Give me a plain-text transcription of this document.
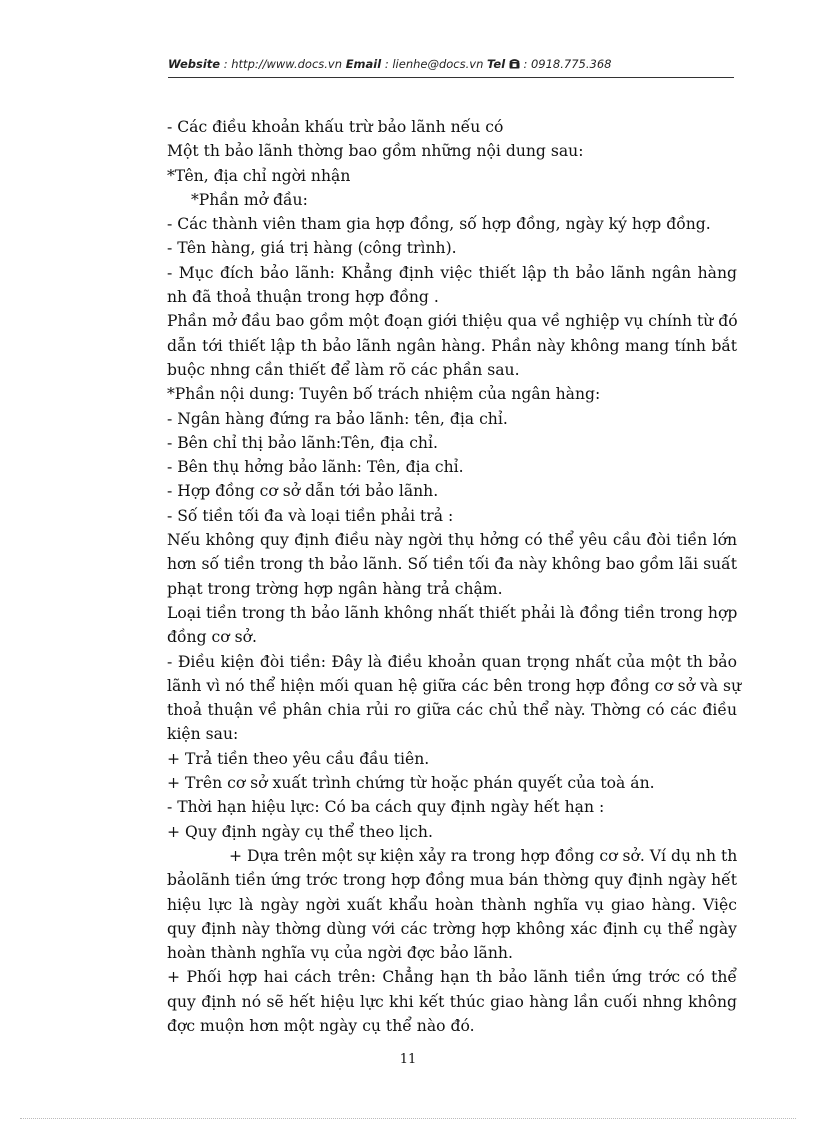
Website : http://www.docs.vn Email : lienhe@docs.vn Tel  : 0918.775.368
- Các điều khoản khấu trừ bảo lãnh nếu có
Một th bảo lãnh thờng bao gồm những nội dung sau:
*Tên, địa chỉ ngời nhận
*Phần mở đầu:
- Các thành viên tham gia hợp đồng, số hợp đồng, ngày ký hợp đồng.
- Tên hàng, giá trị hàng (công trình).
- Mục đích bảo lãnh: Khẳng định việc thiết lập th bảo lãnh ngân hàng
nh đã thoả thuận trong hợp đồng .
Phần mở đầu bao gồm một đoạn giới thiệu qua về nghiệp vụ chính từ đó
dẫn tới thiết lập th bảo lãnh ngân hàng. Phần này không mang tính bắt
buộc nhng cần thiết để làm rõ các phần sau.
*Phần nội dung: Tuyên bố trách nhiệm của ngân hàng:
- Ngân hàng đứng ra bảo lãnh: tên, địa chỉ.
- Bên chỉ thị bảo lãnh:Tên, địa chỉ.
- Bên thụ hởng bảo lãnh: Tên, địa chỉ.
- Hợp đồng cơ sở dẫn tới bảo lãnh.
- Số tiền tối đa và loại tiền phải trả :
Nếu không quy định điều này ngời thụ hởng có thể yêu cầu đòi tiền lớn
hơn số tiền trong th bảo lãnh. Số tiền tối đa này không bao gồm lãi suất
phạt trong trờng hợp ngân hàng trả chậm.
Loại tiền trong th bảo lãnh không nhất thiết phải là đồng tiền trong hợp
đồng cơ sở.
- Điều kiện đòi tiền: Đây là điều khoản quan trọng nhất của một th bảo
lãnh vì nó thể hiện mối quan hệ giữa các bên trong hợp đồng cơ sở và sự
thoả thuận về phân chia rủi ro giữa các chủ thể này. Thờng có các điều
kiện sau:
+ Trả tiền theo yêu cầu đầu tiên.
+ Trên cơ sở xuất trình chứng từ hoặc phán quyết của toà án.
- Thời hạn hiệu lực: Có ba cách quy định ngày hết hạn :
+ Quy định ngày cụ thể theo lịch.
+ Dựa trên một sự kiện xảy ra trong hợp đồng cơ sở. Ví dụ nh th
bảolãnh tiền ứng trớc trong hợp đồng mua bán thờng quy định ngày hết
hiệu lực là ngày ngời xuất khẩu hoàn thành nghĩa vụ giao hàng. Việc
quy định này thờng dùng với các trờng hợp không xác định cụ thể ngày
hoàn thành nghĩa vụ của ngời đợc bảo lãnh.
+ Phối hợp hai cách trên: Chẳng hạn th bảo lãnh tiền ứng trớc có thể
quy định nó sẽ hết hiệu lực khi kết thúc giao hàng lần cuối nhng không
đợc muộn hơn một ngày cụ thể nào đó.
11
